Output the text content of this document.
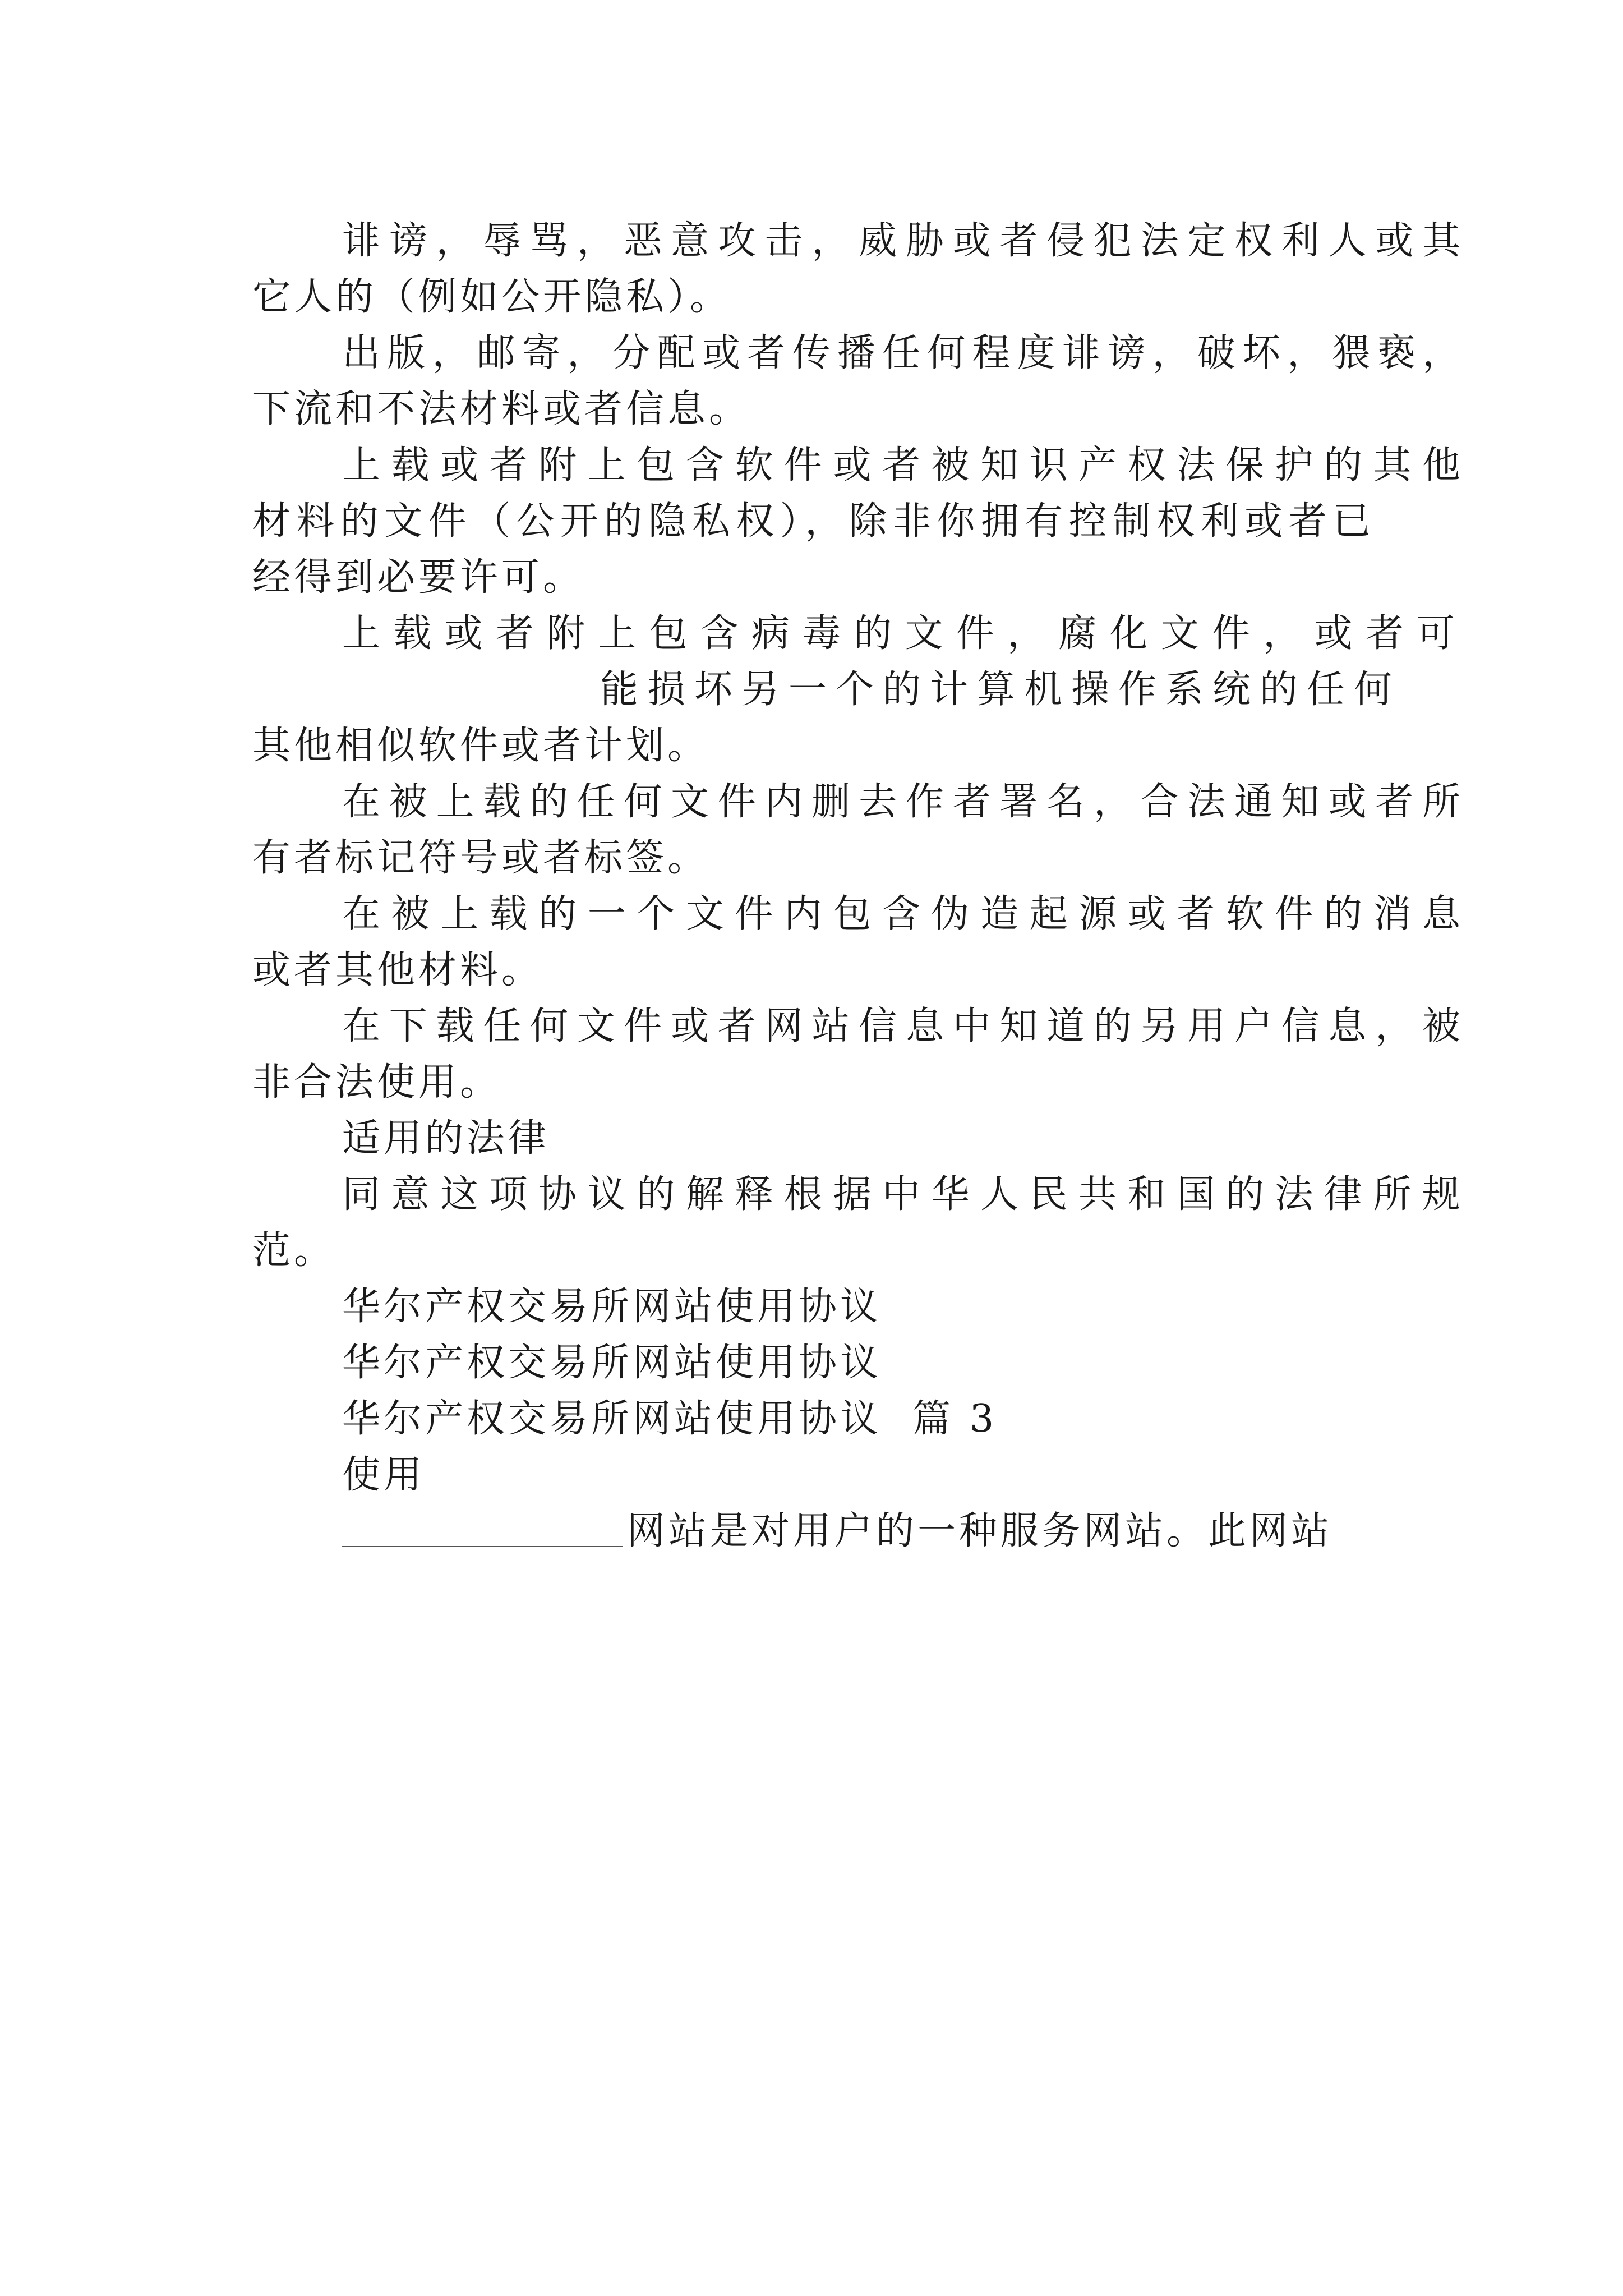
诽谤，辱骂，恶意攻击，威胁或者侵犯法定权利人或其
它人的（例如公开隐私）。
出版，邮寄，分配或者传播任何程度诽谤，破坏，猥亵，
下流和不法材料或者信息。
上载或者附上包含软件或者被知识产权法保护的其他
材料的文件（公开的隐私权），除非你拥有控制权利或者已
经得到必要许可。
上载或者附上包含病毒的文件，腐化文件，或者可
能损坏另一个的计算机操作系统的任何
其他相似软件或者计划。
在被上载的任何文件内删去作者署名，合法通知或者所
有者标记符号或者标签。
在被上载的一个文件内包含伪造起源或者软件的消息
或者其他材料。
在下载任何文件或者网站信息中知道的另用户信息，被
非合法使用。
适用的法律
同意这项协议的解释根据中华人民共和国的法律所规
范。
华尔产权交易所网站使用协议
华尔产权交易所网站使用协议
华尔产权交易所网站使用协议  篇 3
使用
网站是对用户的一种服务网站。此网站
